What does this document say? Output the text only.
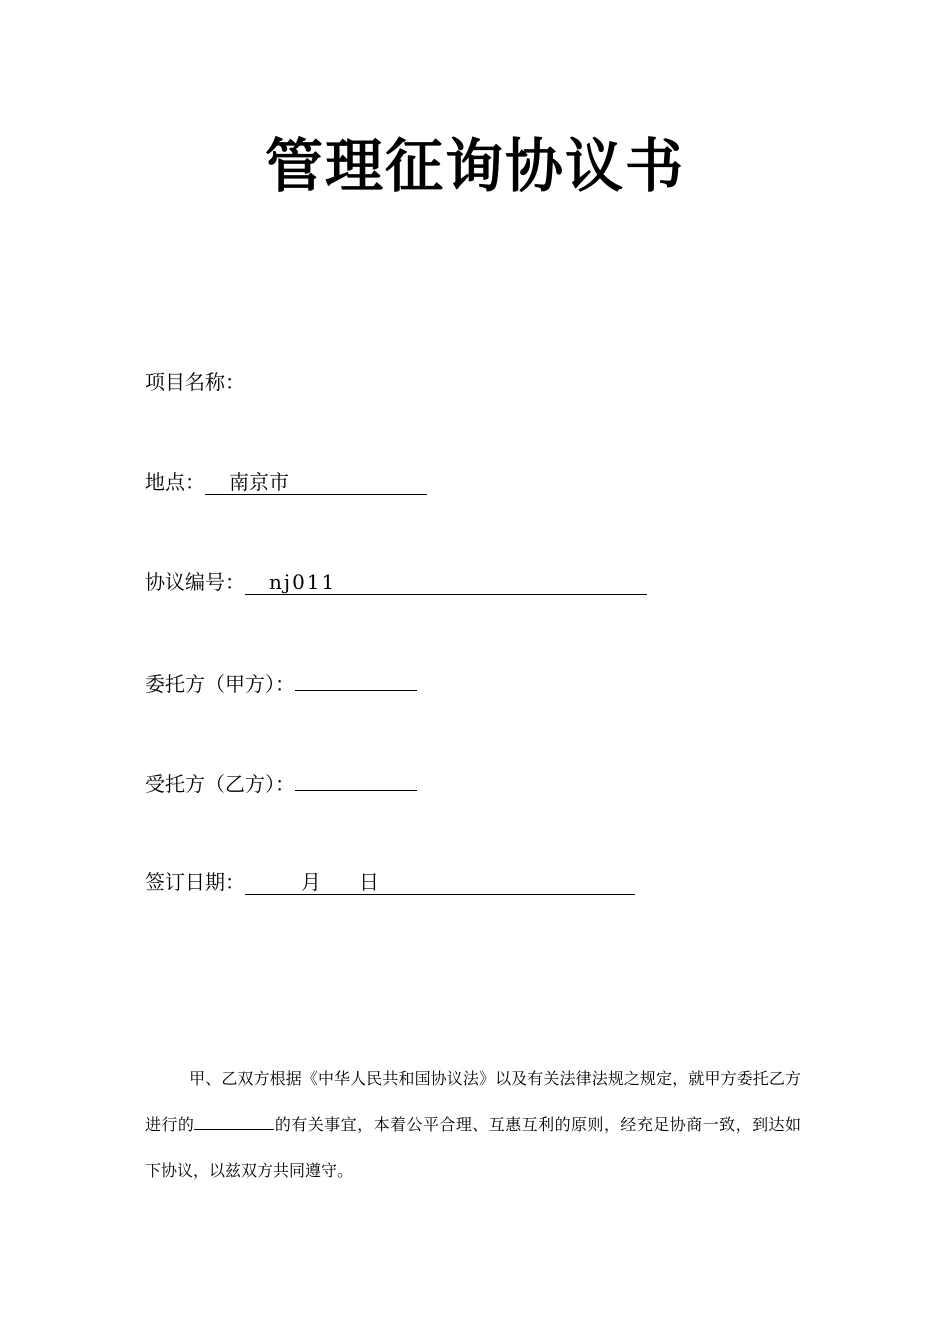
管理征询协议书
项目名称：
地点： 南京市
协议编号： nj011
委托方（甲方）：
受托方（乙方）：
签订日期：	月 日
甲、乙双方根据《中华人民共和国协议法》以及有关法律法规之规定，就甲方委托乙方进行的	的有关事宜，本着公平合理、互惠互利的原则，经充足协商一致，到达如下协议，以兹双方共同遵守。
